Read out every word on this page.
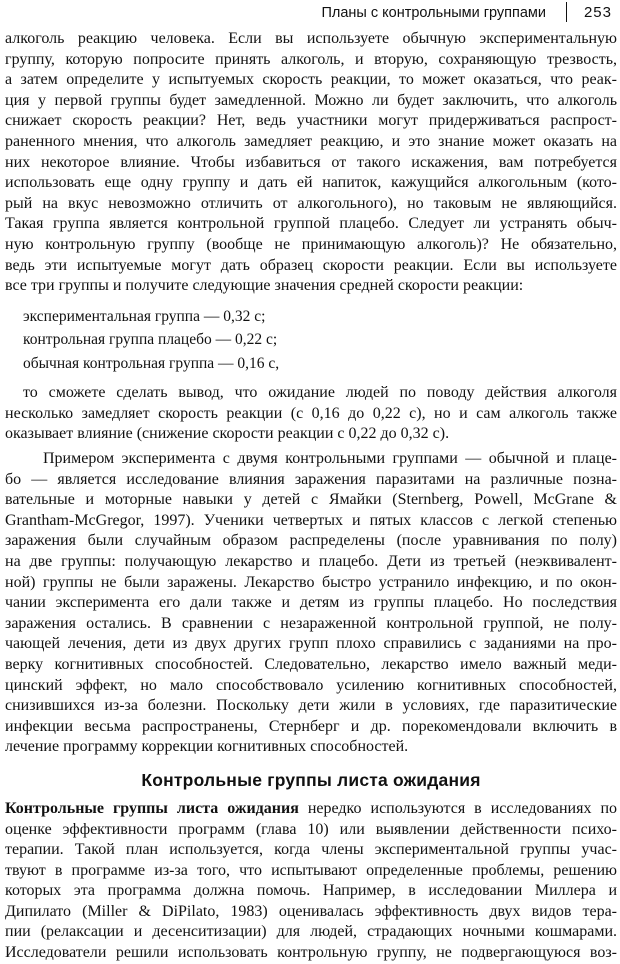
Планы с контрольными группами	253

алкоголь реакцию человека. Если вы используете обычную экспериментальную
группу, которую попросите принять алкоголь, и вторую, сохраняющую трезвость,
а затем определите у испытуемых скорость реакции, то может оказаться, что реак-
ция у первой группы будет замедленной. Можно ли будет заключить, что алкоголь
снижает скорость реакции? Нет, ведь участники могут придерживаться распрост-
раненного мнения, что алкоголь замедляет реакцию, и это знание может оказать на
них некоторое влияние. Чтобы избавиться от такого искажения, вам потребуется
использовать еще одну группу и дать ей напиток, кажущийся алкогольным (кото-
рый на вкус невозможно отличить от алкогольного), но таковым не являющийся.
Такая группа является контрольной группой плацебо. Следует ли устранять обыч-
ную контрольную группу (вообще не принимающую алкоголь)? Не обязательно,
ведь эти испытуемые могут дать образец скорости реакции. Если вы используете
все три группы и получите следующие значения средней скорости реакции:

экспериментальная группа — 0,32 с;
контрольная группа плацебо — 0,22 с;
обычная контрольная группа — 0,16 с,

то сможете сделать вывод, что ожидание людей по поводу действия алкоголя
несколько замедляет скорость реакции (с 0,16 до 0,22 с), но и сам алкоголь также
оказывает влияние (снижение скорости реакции с 0,22 до 0,32 с).

Примером эксперимента с двумя контрольными группами — обычной и плаце-
бо — является исследование влияния заражения паразитами на различные позна-
вательные и моторные навыки у детей с Ямайки (Sternberg, Powell, McGrane &
Grantham-McGregor, 1997). Ученики четвертых и пятых классов с легкой степенью
заражения были случайным образом распределены (после уравнивания по полу)
на две группы: получающую лекарство и плацебо. Дети из третьей (неэквивалент-
ной) группы не были заражены. Лекарство быстро устранило инфекцию, и по окон-
чании эксперимента его дали также и детям из группы плацебо. Но последствия
заражения остались. В сравнении с незараженной контрольной группой, не полу-
чающей лечения, дети из двух других групп плохо справились с заданиями на про-
верку когнитивных способностей. Следовательно, лекарство имело важный меди-
цинский эффект, но мало способствовало усилению когнитивных способностей,
снизившихся из-за болезни. Поскольку дети жили в условиях, где паразитические
инфекции весьма распространены, Стернберг и др. порекомендовали включить в
лечение программу коррекции когнитивных способностей.

Контрольные группы листа ожидания

Контрольные группы листа ожидания нередко используются в исследованиях по
оценке эффективности программ (глава 10) или выявлении действенности психо-
терапии. Такой план используется, когда члены экспериментальной группы учас-
твуют в программе из-за того, что испытывают определенные проблемы, решению
которых эта программа должна помочь. Например, в исследовании Миллера и
Дипилато (Miller & DiPilato, 1983) оценивалась эффективность двух видов терa-
пии (релаксации и десенситизации) для людей, страдающих ночными кошмарами.
Исследователи решили использовать контрольную группу, не подвергающуюся воз-
